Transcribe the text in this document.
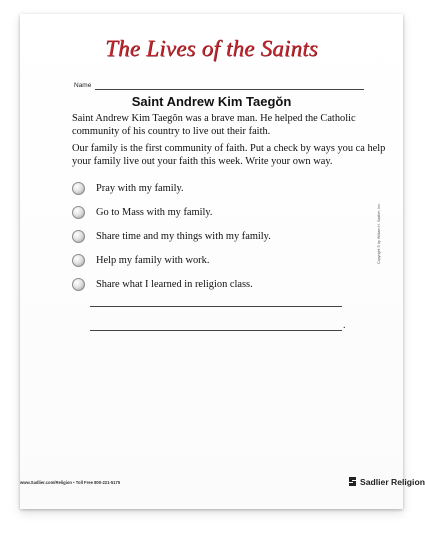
The Lives of the Saints
Name
Saint Andrew Kim Taegŏn

Saint Andrew Kim Taegŏn was a brave man. He helped the Catholic community of his country to live out their faith.

Our family is the first community of faith. Put a check by ways you ca help your family live out your faith this week. Write your own way.

Pray with my family.
Go to Mass with my family.
Share time and my things with my family.
Help my family with work.
Share what I learned in religion class.
.
Copyright © by William H. Sadlier, Inc.
www.Sadlier.com/Religion • Toll Free 800-221-5175	Sadlier Religion
